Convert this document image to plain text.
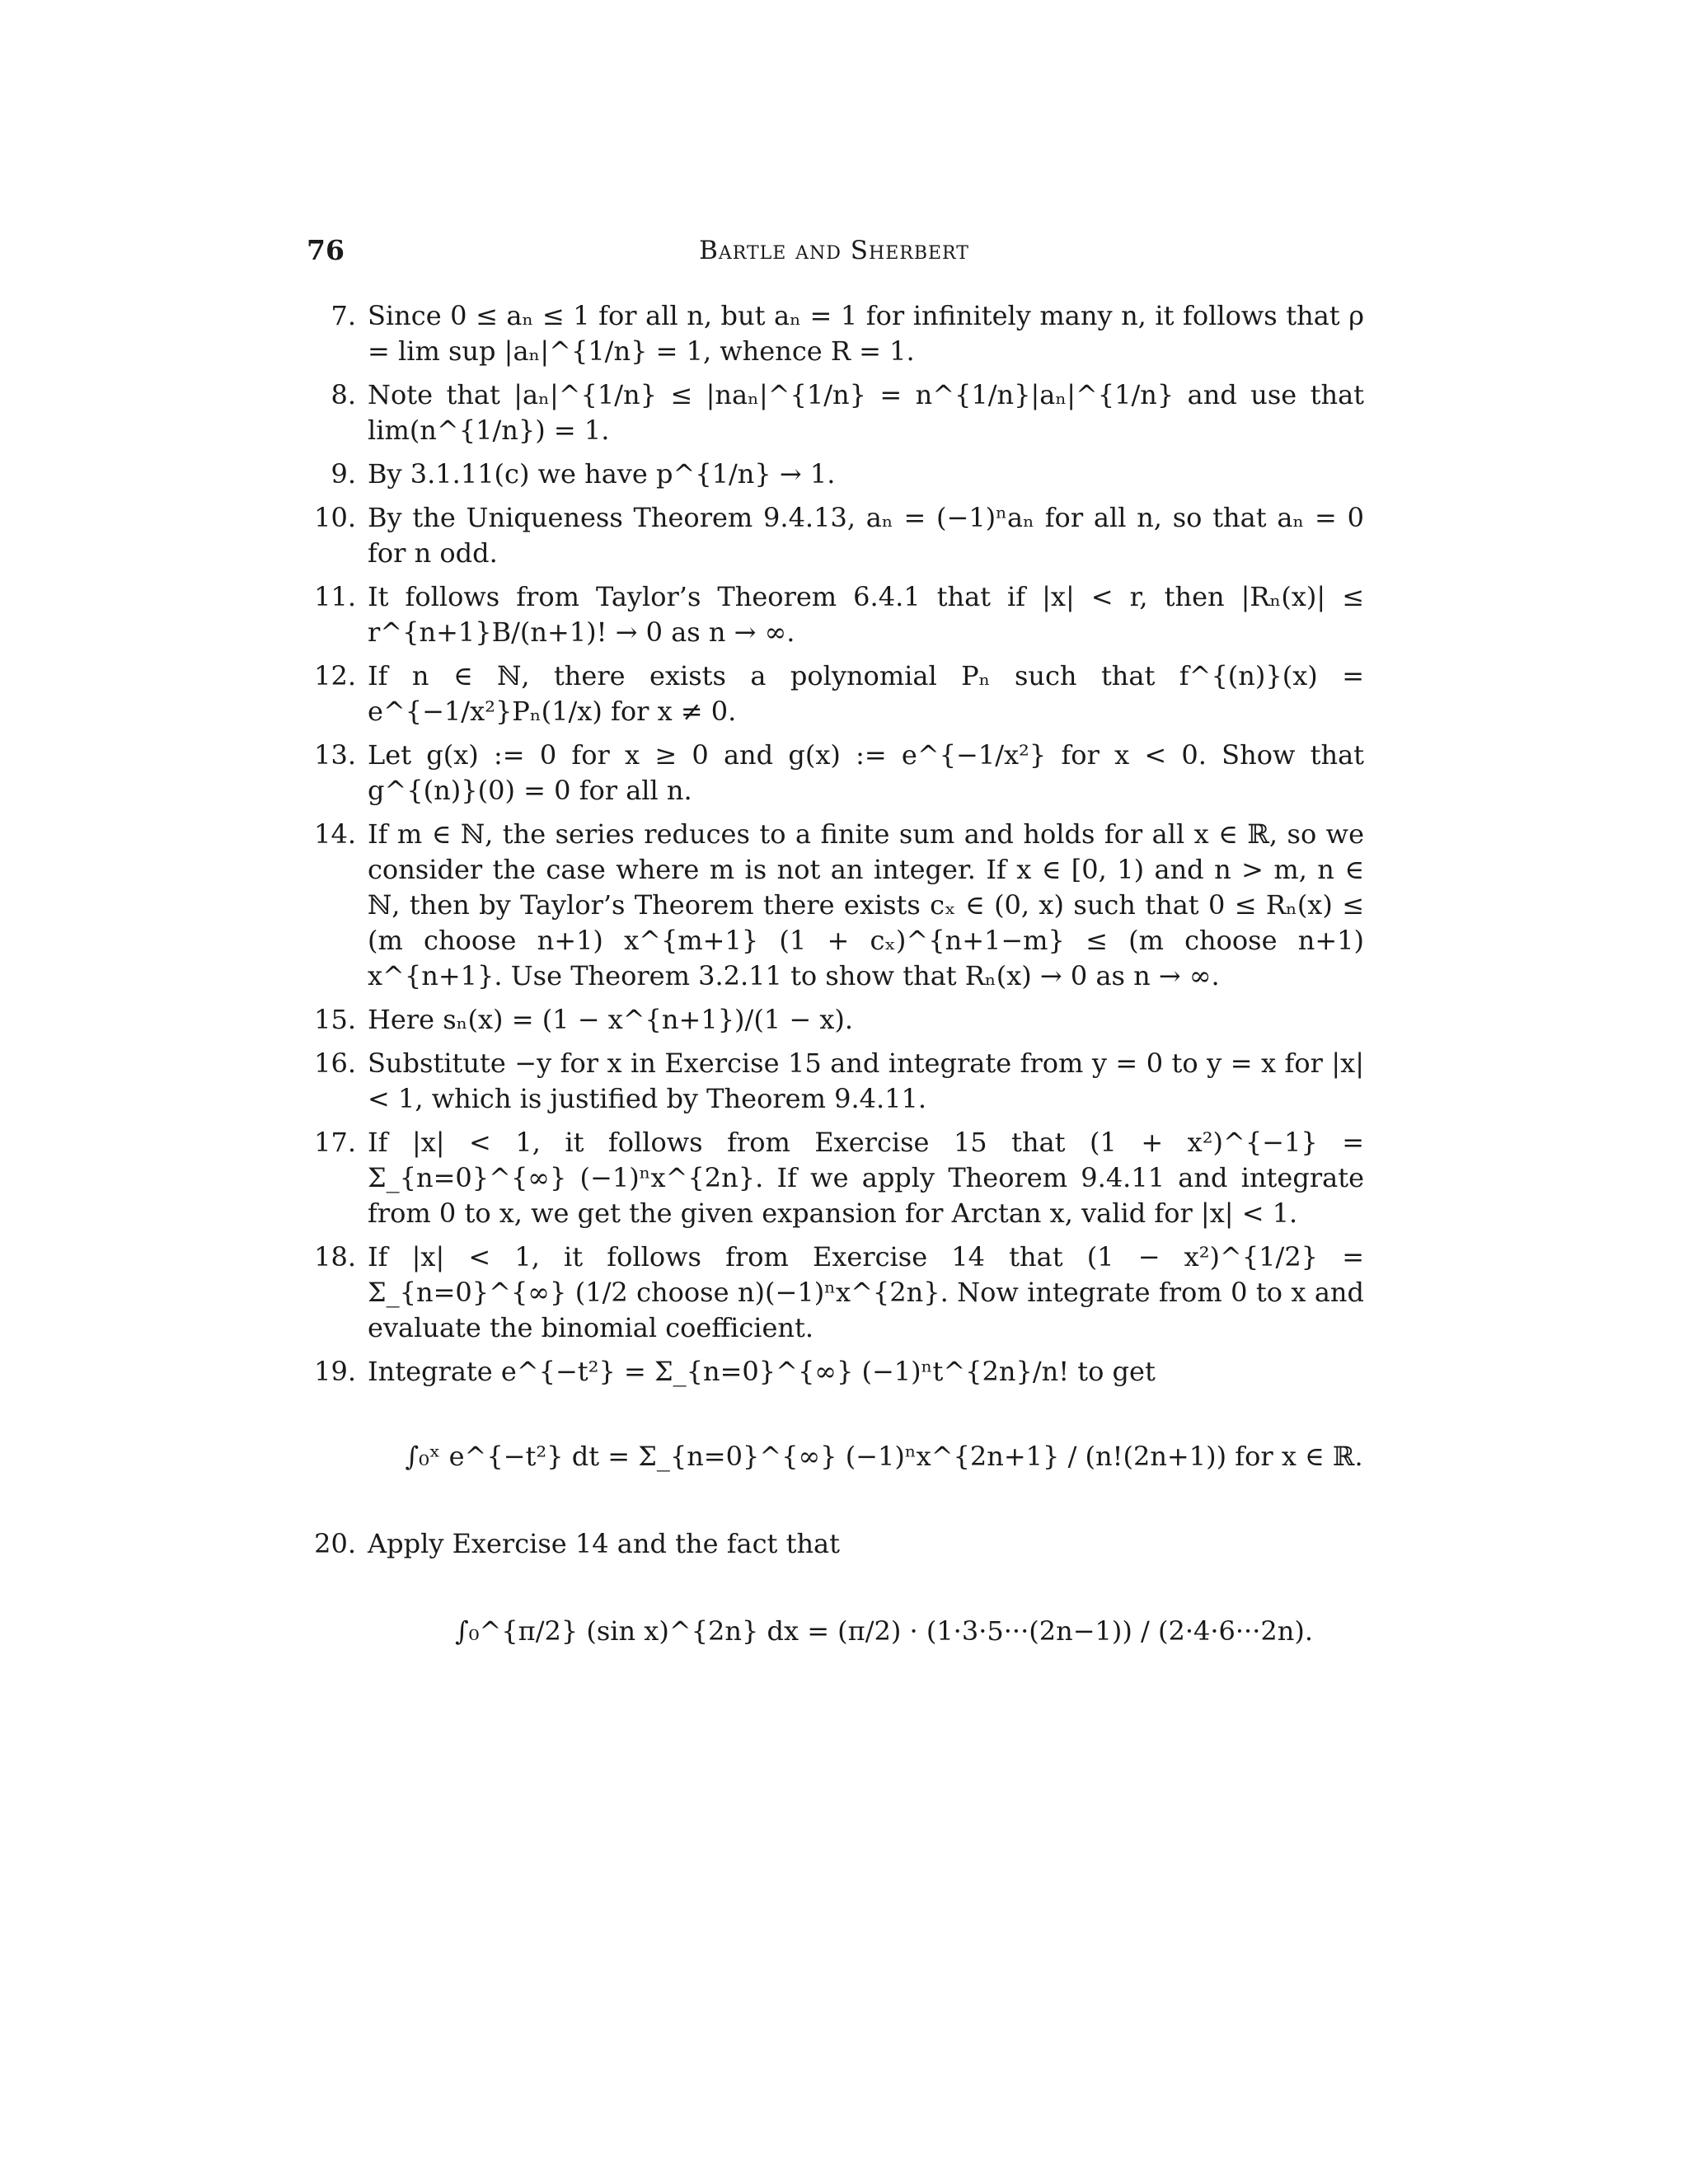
76	Bartle and Sherbert
7. Since 0 ≤ aₙ ≤ 1 for all n, but aₙ = 1 for infinitely many n, it follows that ρ = lim sup |aₙ|^{1/n} = 1, whence R = 1.
8. Note that |aₙ|^{1/n} ≤ |naₙ|^{1/n} = n^{1/n}|aₙ|^{1/n} and use that lim(n^{1/n}) = 1.
9. By 3.1.11(c) we have p^{1/n} → 1.
10. By the Uniqueness Theorem 9.4.13, aₙ = (−1)ⁿaₙ for all n, so that aₙ = 0 for n odd.
11. It follows from Taylor’s Theorem 6.4.1 that if |x| < r, then |Rₙ(x)| ≤ r^{n+1}B/(n+1)! → 0 as n → ∞.
12. If n ∈ ℕ, there exists a polynomial Pₙ such that f^{(n)}(x) = e^{−1/x²}Pₙ(1/x) for x ≠ 0.
13. Let g(x) := 0 for x ≥ 0 and g(x) := e^{−1/x²} for x < 0. Show that g^{(n)}(0) = 0 for all n.
14. If m ∈ ℕ, the series reduces to a finite sum and holds for all x ∈ ℝ, so we consider the case where m is not an integer. If x ∈ [0, 1) and n > m, n ∈ ℕ, then by Taylor’s Theorem there exists cₓ ∈ (0, x) such that 0 ≤ Rₙ(x) ≤ (m choose n+1) x^{m+1} (1 + cₓ)^{n+1−m} ≤ (m choose n+1) x^{n+1}. Use Theorem 3.2.11 to show that Rₙ(x) → 0 as n → ∞.
15. Here sₙ(x) = (1 − x^{n+1})/(1 − x).
16. Substitute −y for x in Exercise 15 and integrate from y = 0 to y = x for |x| < 1, which is justified by Theorem 9.4.11.
17. If |x| < 1, it follows from Exercise 15 that (1 + x²)^{−1} = Σ_{n=0}^{∞} (−1)ⁿx^{2n}. If we apply Theorem 9.4.11 and integrate from 0 to x, we get the given expansion for Arctan x, valid for |x| < 1.
18. If |x| < 1, it follows from Exercise 14 that (1 − x²)^{1/2} = Σ_{n=0}^{∞} (1/2 choose n)(−1)ⁿx^{2n}. Now integrate from 0 to x and evaluate the binomial coefficient.
19. Integrate e^{−t²} = Σ_{n=0}^{∞} (−1)ⁿt^{2n}/n! to get
∫₀ˣ e^{−t²} dt = Σ_{n=0}^{∞} (−1)ⁿx^{2n+1} / (n!(2n+1)) for x ∈ ℝ.
20. Apply Exercise 14 and the fact that
∫₀^{π/2} (sin x)^{2n} dx = (π/2) · (1·3·5···(2n−1)) / (2·4·6···2n).
